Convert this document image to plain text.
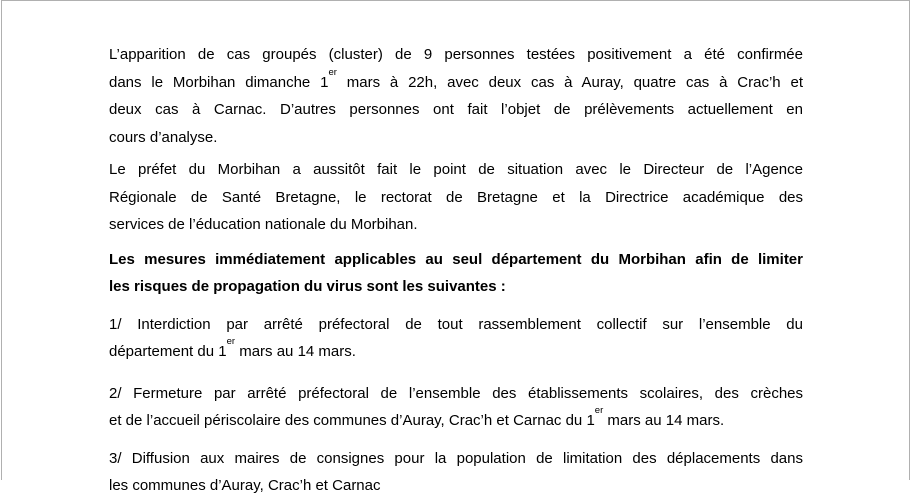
L’apparition de cas groupés (cluster) de 9 personnes testées positivement a été confirmée
dans le Morbihan dimanche 1er mars à 22h, avec deux cas à Auray, quatre cas à Crac’h et
deux cas à Carnac. D’autres personnes ont fait l’objet de prélèvements actuellement en
cours d’analyse.

Le préfet du Morbihan a aussitôt fait le point de situation avec le Directeur de l’Agence
Régionale de Santé Bretagne, le rectorat de Bretagne et la Directrice académique des
services de l’éducation nationale du Morbihan.

Les mesures immédiatement applicables au seul département du Morbihan afin de limiter
les risques de propagation du virus sont les suivantes :

1/ Interdiction par arrêté préfectoral de tout rassemblement collectif sur l’ensemble du
département du 1er mars au 14 mars.

2/ Fermeture par arrêté préfectoral de l’ensemble des établissements scolaires, des crèches
et de l’accueil périscolaire des communes d’Auray, Crac’h et Carnac du 1er mars au 14 mars.

3/ Diffusion aux maires de consignes pour la population de limitation des déplacements dans
les communes d’Auray, Crac’h et Carnac
